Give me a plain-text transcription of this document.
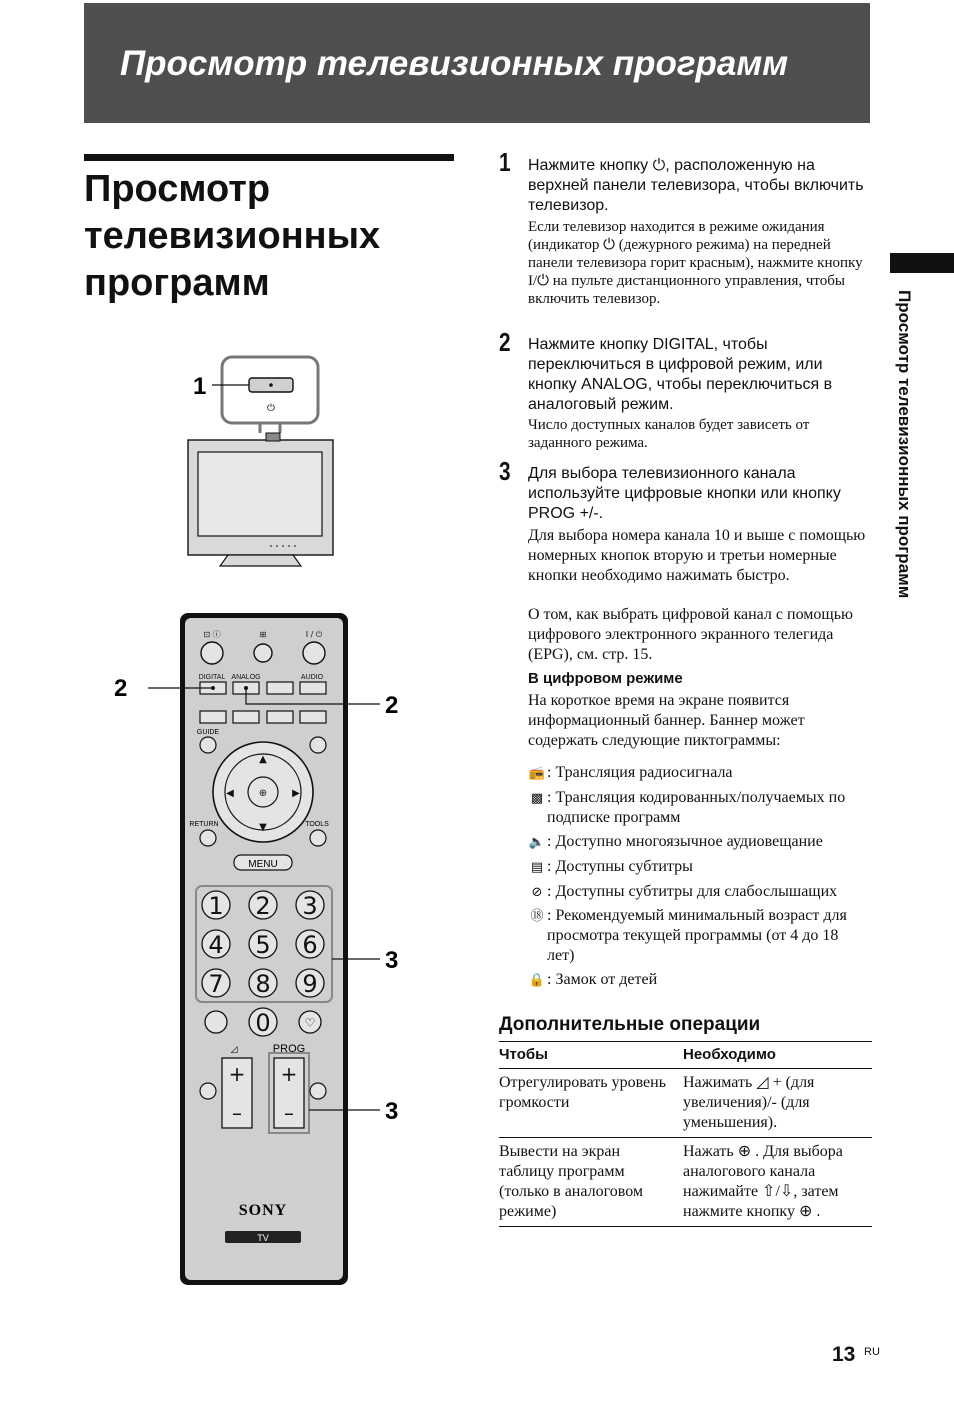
Просмотр телевизионных программ
Просмотр телевизионных программ
Просмотр телевизионных программ
⏻
⊡ ⓘ	⊞	I / ⏻
DIGITAL ANALOG	AUDIO
GUIDE
▲
▼
◀	▶
⊕
RETURN	TOOLS
MENU
1 2 3
4 5 6
7 8 9
0	♡
◿	PROG
+
–
+
–
SONY
TV
1
2
2
3
3
1 Нажмите кнопку ⏻, расположенную на верхней панели телевизора, чтобы включить телевизор.
Если телевизор находится в режиме ожидания (индикатор ⏻ (дежурного режима) на передней панели телевизора горит красным), нажмите кнопку I/⏻ на пульте дистанционного управления, чтобы включить телевизор.
2 Нажмите кнопку DIGITAL, чтобы переключиться в цифровой режим, или кнопку ANALOG, чтобы переключиться в аналоговый режим.
Число доступных каналов будет зависеть от заданного режима.
3 Для выбора телевизионного канала используйте цифровые кнопки или кнопку PROG +/-.
Для выбора номера канала 10 и выше с помощью номерных кнопок вторую и третьи номерные кнопки необходимо нажимать быстро.
О том, как выбрать цифровой канал с помощью цифрового электронного экранного телегида (EPG), см. стр. 15.
В цифровом режиме
На короткое время на экране появится информационный баннер. Баннер может содержать следующие пиктограммы:
📻 : Трансляция радиосигнала
▩ : Трансляция кодированных/получаемых по подписке программ
🔈 : Доступно многоязычное аудиовещание
▤ : Доступны субтитры
⊘ : Доступны субтитры для слабослышащих
⑱ : Рекомендуемый минимальный возраст для просмотра текущей программы (от 4 до 18 лет)
🔒 : Замок от детей
Дополнительные операции
Чтобы	Необходимо
Отрегулировать уровень громкости	Нажимать ◿ + (для увеличения)/- (для уменьшения).
Вывести на экран таблицу программ (только в аналоговом режиме)	Нажать ⊕ . Для выбора аналогового канала нажимайте ⇧/⇩, затем нажмите кнопку ⊕ .
13 RU
